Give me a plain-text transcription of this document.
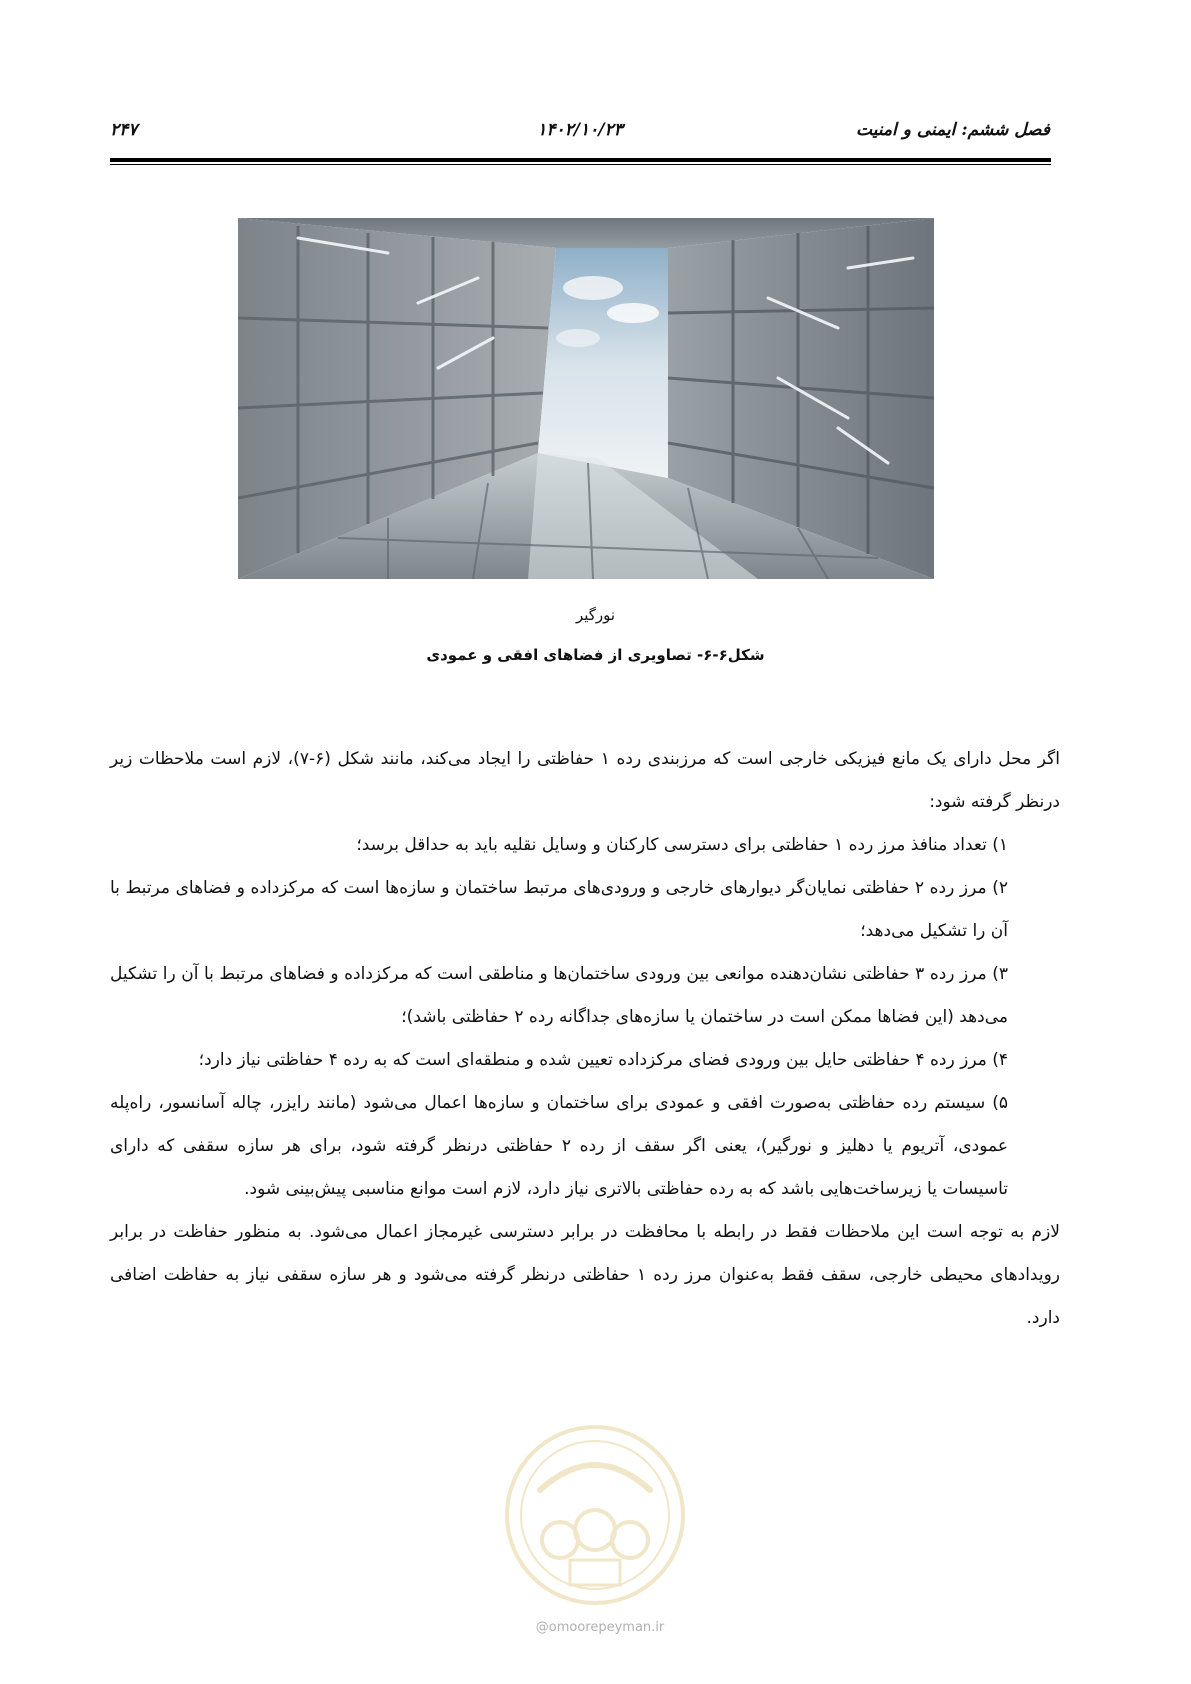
فصل ششم: ایمنی و امنیت
۱۴۰۲/۱۰/۲۳
۲۴۷
نورگیر
شکل۶-۶- تصاویری از فضاهای افقی و عمودی

اگر محل دارای یک مانع فیزیکی خارجی است که مرزبندی رده ۱ حفاظتی را ایجاد می‌کند، مانند شکل (۶-۷)، لازم است ملاحظات زیر درنظر گرفته شود:

۱) تعداد منافذ مرز رده ۱ حفاظتی برای دسترسی کارکنان و وسایل نقلیه باید به حداقل برسد؛

۲) مرز رده ۲ حفاظتی نمایان‌گر دیوارهای خارجی و ورودی‌های مرتبط ساختمان و سازه‌ها است که مرکزداده و فضاهای مرتبط با آن را تشکیل می‌دهد؛

۳) مرز رده ۳ حفاظتی نشان‌دهنده موانعی بین ورودی ساختمان‌ها و مناطقی است که مرکزداده و فضاهای مرتبط با آن را تشکیل می‌دهد (این فضاها ممکن است در ساختمان یا سازه‌های جداگانه رده ۲ حفاظتی باشد)؛

۴) مرز رده ۴ حفاظتی حایل بین ورودی فضای مرکزداده تعیین شده و منطقه‌ای است که به رده ۴ حفاظتی نیاز دارد؛

۵) سیستم رده حفاظتی به‌صورت افقی و عمودی برای ساختمان و سازه‌ها اعمال می‌شود (مانند رایزر، چاله آسانسور، راه‌پله عمودی، آتریوم یا دهلیز و نورگیر)، یعنی اگر سقف از رده ۲ حفاظتی درنظر گرفته شود، برای هر سازه سقفی که دارای تاسیسات یا زیرساخت‌هایی باشد که به رده حفاظتی بالاتری نیاز دارد، لازم است موانع مناسبی پیش‌بینی شود.

لازم به توجه است این ملاحظات فقط در رابطه با محافظت در برابر دسترسی غیرمجاز اعمال می‌شود. به منظور حفاظت در برابر رویدادهای محیطی خارجی، سقف فقط به‌عنوان مرز رده ۱ حفاظتی درنظر گرفته می‌شود و هر سازه سقفی نیاز به حفاظت اضافی دارد.

@omoorepeyman.ir
